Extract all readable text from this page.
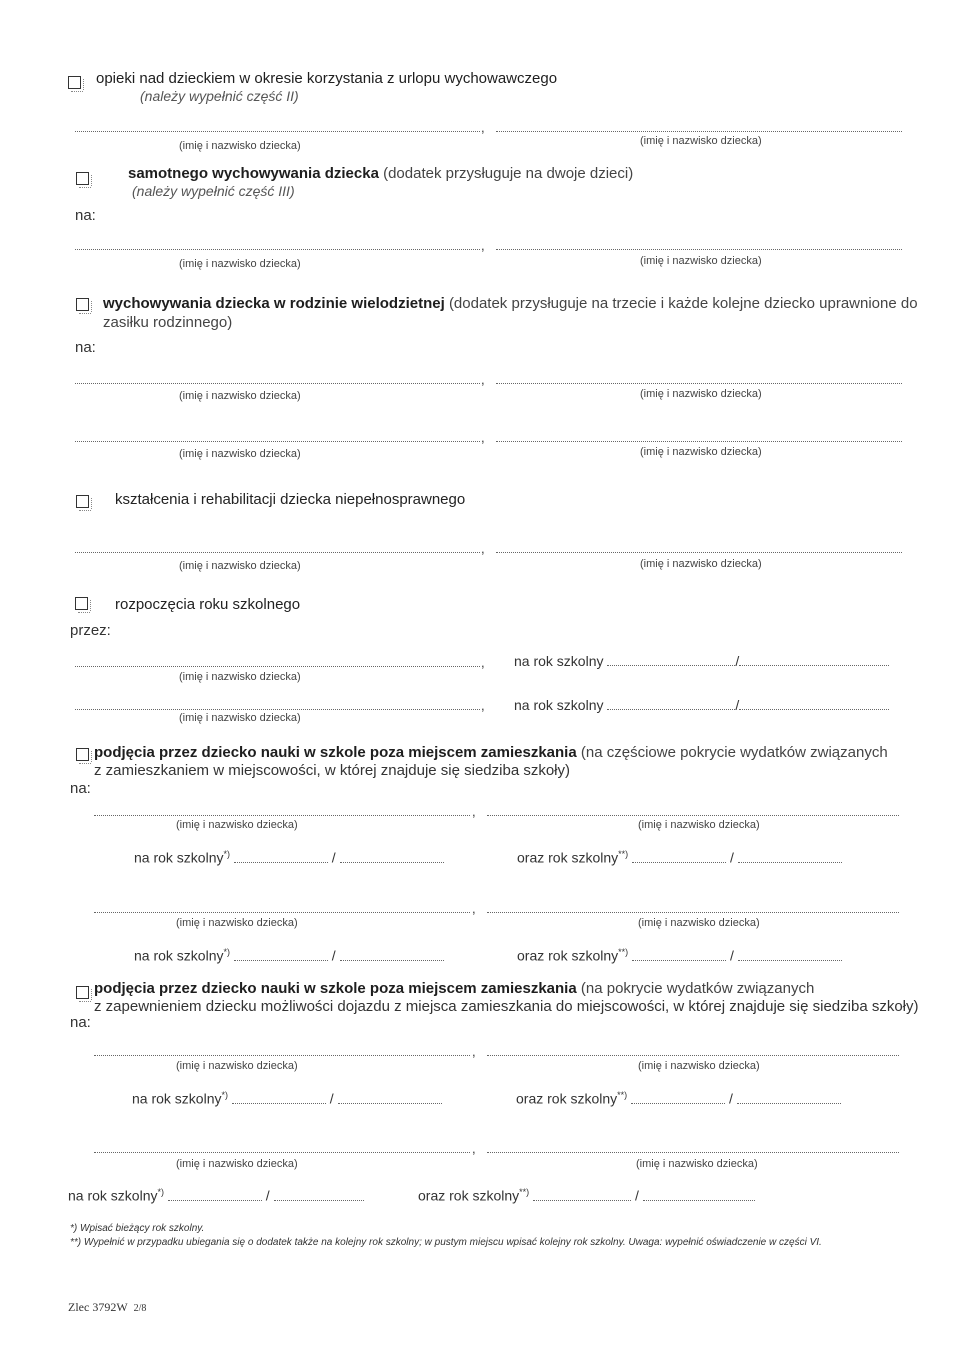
opieki nad dzieckiem w okresie korzystania z urlopu wychowawczego
(należy wypełnić część II)
,
(imię i nazwisko dziecka)	(imię i nazwisko dziecka)
samotnego wychowywania dziecka (dodatek przysługuje na dwoje dzieci)
(należy wypełnić część III)
na:
,
(imię i nazwisko dziecka)	(imię i nazwisko dziecka)
wychowywania dziecka w rodzinie wielodzietnej (dodatek przysługuje na trzecie i każde kolejne dziecko uprawnione do
zasiłku rodzinnego)
na:
,
(imię i nazwisko dziecka)	(imię i nazwisko dziecka)
,
(imię i nazwisko dziecka)	(imię i nazwisko dziecka)
kształcenia i rehabilitacji dziecka niepełnosprawnego
,
(imię i nazwisko dziecka)	(imię i nazwisko dziecka)
rozpoczęcia roku szkolnego
przez:
,
(imię i nazwisko dziecka)
na rok szkolny	/
,
(imię i nazwisko dziecka)
na rok szkolny	/
podjęcia przez dziecko nauki w szkole poza miejscem zamieszkania (na częściowe pokrycie wydatków związanych
z zamieszkaniem w miejscowości, w której znajduje się siedziba szkoły)
na:
,
(imię i nazwisko dziecka)	(imię i nazwisko dziecka)
na rok szkolny*)	/	oraz rok szkolny**)	/
,
(imię i nazwisko dziecka)	(imię i nazwisko dziecka)
na rok szkolny*)	/	oraz rok szkolny**)	/
podjęcia przez dziecko nauki w szkole poza miejscem zamieszkania (na pokrycie wydatków związanych
z zapewnieniem dziecku możliwości dojazdu z miejsca zamieszkania do miejscowości, w której znajduje się siedziba szkoły)
na:
,
(imię i nazwisko dziecka)	(imię i nazwisko dziecka)
na rok szkolny*)	/	oraz rok szkolny**)	/
,
(imię i nazwisko dziecka)	(imię i nazwisko dziecka)
na rok szkolny*)	/	oraz rok szkolny**)	/
*) Wpisać bieżący rok szkolny.
**) Wypełnić w przypadku ubiegania się o dodatek także na kolejny rok szkolny; w pustym miejscu wpisać kolejny rok szkolny. Uwaga: wypełnić oświadczenie w części VI.
Zlec 3792W 2/8
